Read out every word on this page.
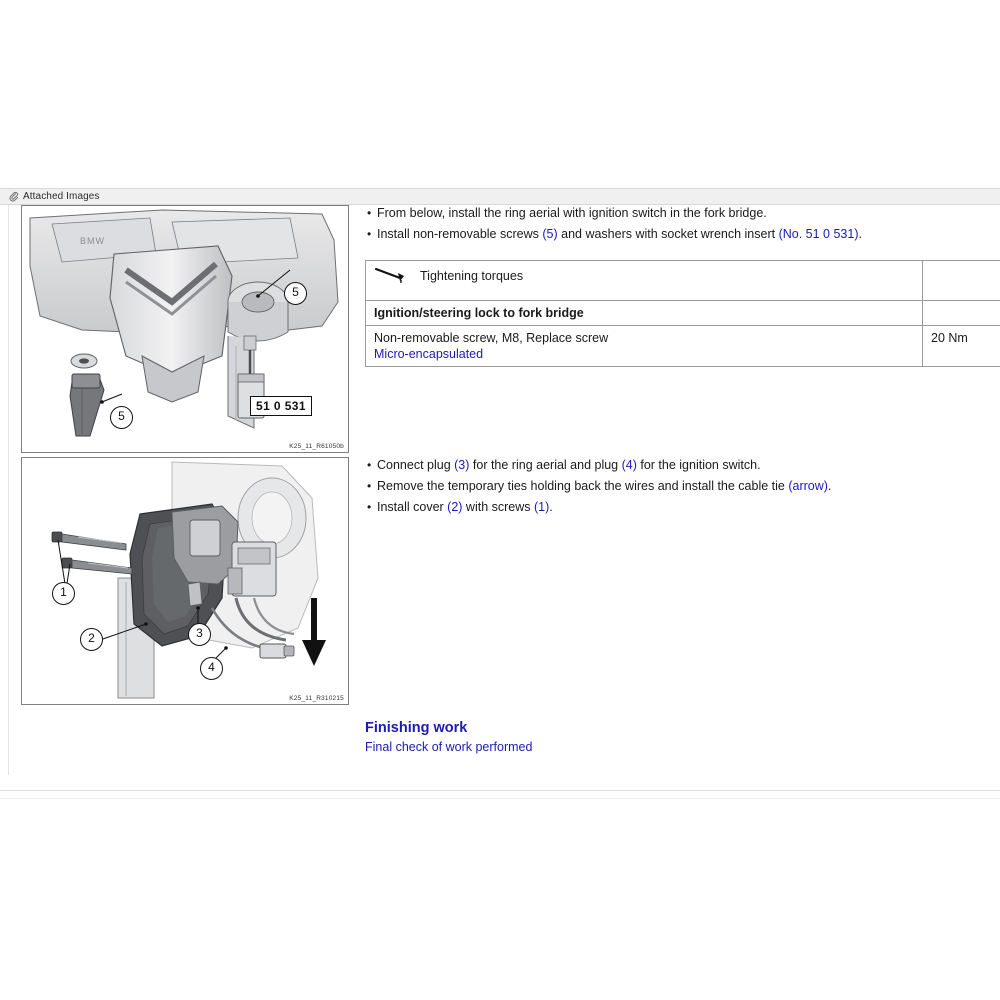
Attached Images
BMW
5
5
51 0 531
K25_11_R61050b
1
2	3
4
K25_11_R310215
• From below, install the ring aerial with ignition switch in the fork bridge.
• Install non-removable screws (5) and washers with socket wrench insert (No. 51 0 531).
Tightening torques	
Ignition/steering lock to fork bridge	
Non-removable screw, M8, Replace screw
Micro-encapsulated	20 Nm
• Connect plug (3) for the ring aerial and plug (4) for the ignition switch.
• Remove the temporary ties holding back the wires and install the cable tie (arrow).
• Install cover (2) with screws (1).
Finishing work
Final check of work performed
